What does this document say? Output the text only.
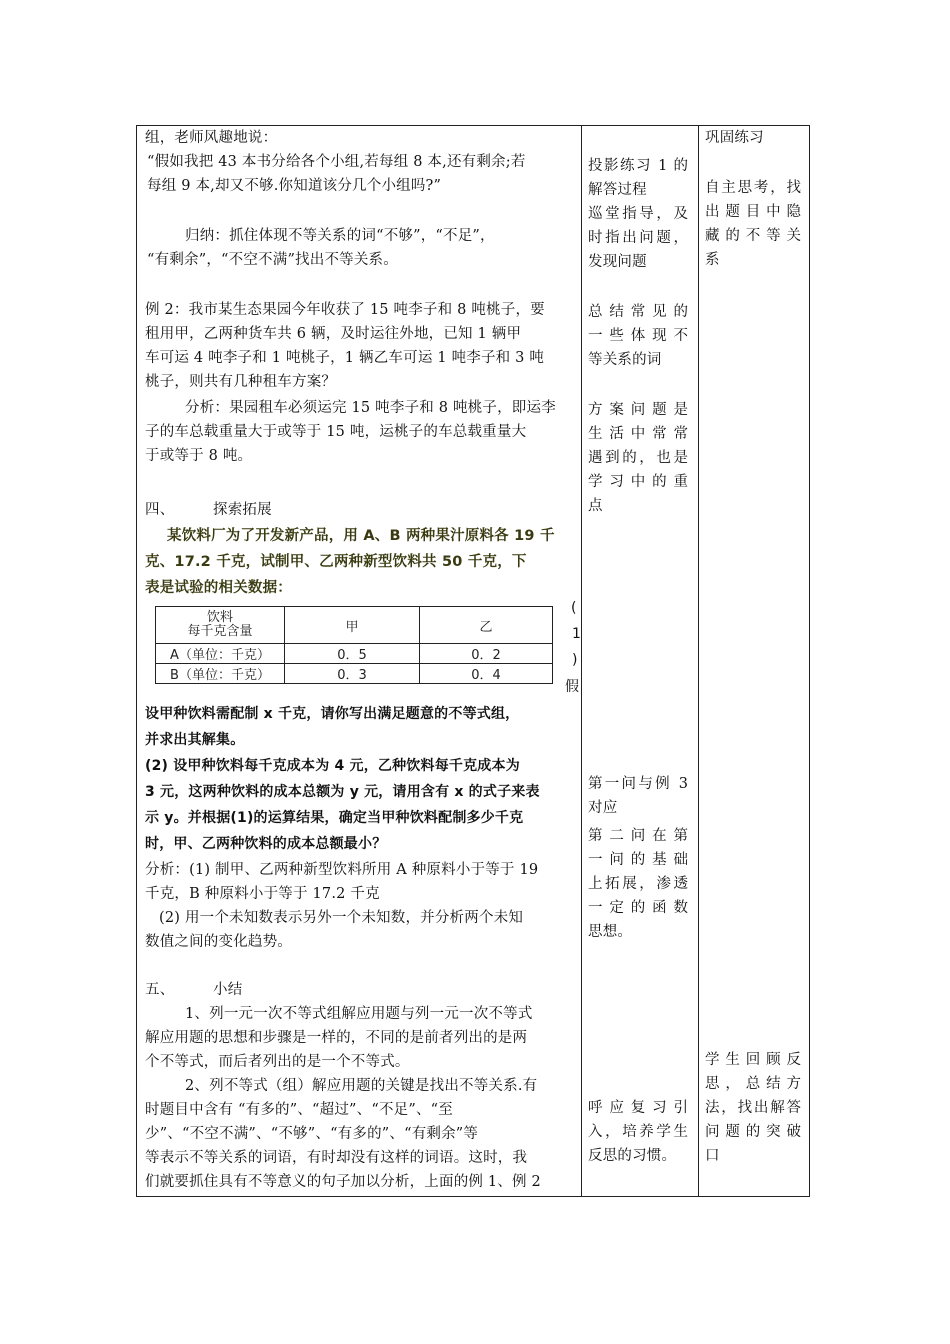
组，老师风趣地说：
“假如我把 43 本书分给各个小组,若每组 8 本,还有剩余;若
每组 9 本,却又不够.你知道该分几个小组吗?”
归纳：抓住体现不等关系的词“不够”，“不足”，
“有剩余”，“不空不满”找出不等关系。
例 2：我市某生态果园今年收获了 15 吨李子和 8 吨桃子，要
租用甲，乙两种货车共 6 辆，及时运往外地，已知 1 辆甲
车可运 4 吨李子和 1 吨桃子，1 辆乙车可运 1 吨李子和 3 吨
桃子，则共有几种租车方案？
分析：果园租车必须运完 15 吨李子和 8 吨桃子，即运李
子的车总载重量大于或等于 15 吨，运桃子的车总载重量大
于或等于 8 吨。
四、	探索拓展
某饮料厂为了开发新产品，用 A、B 两种果汁原料各 19 千
克、17.2 千克，试制甲、乙两种新型饮料共 50 千克，下
表是试验的相关数据：
饮料
每千克含量	甲	乙
A（单位：千克）	0．5	0．2
B（单位：千克）	0．3	0．4
(
1
)
假
设甲种饮料需配制 x 千克，请你写出满足题意的不等式组，
并求出其解集。
(2) 设甲种饮料每千克成本为 4 元，乙种饮料每千克成本为
3 元，这两种饮料的成本总额为 y 元，请用含有 x 的式子来表
示 y。并根据(1)的运算结果，确定当甲种饮料配制多少千克
时，甲、乙两种饮料的成本总额最小？
分析：(1) 制甲、乙两种新型饮料所用 A 种原料小于等于 19
千克，B 种原料小于等于 17.2 千克
(2) 用一个未知数表示另外一个未知数，并分析两个未知
数值之间的变化趋势。
五、	小结
1、列一元一次不等式组解应用题与列一元一次不等式
解应用题的思想和步骤是一样的，不同的是前者列出的是两
个不等式，而后者列出的是一个不等式。
2、列不等式（组）解应用题的关键是找出不等关系.有
时题目中含有 “有多的”、“超过”、“不足”、“至
少”、“不空不满”、“不够”、“有多的”、“有剩余”等
等表示不等关系的词语，有时却没有这样的词语。这时，我
们就要抓住具有不等意义的句子加以分析，上面的例 1、例 2
投影练习 1 的
解答过程
巡堂指导，及
时指出问题，
发现问题
总结常见的
一些体现不
等关系的词
方案问题是
生活中常常
遇到的，也是
学习中的重
点
第一问与例 3
对应
第二问在第
一问的基础
上拓展，渗透
一定的函数
思想。
呼应复习引
入，培养学生
反思的习惯。
巩固练习
自主思考，找
出题目中隐
藏的不等关
系
学生回顾反
思，总结方
法，找出解答
问题的突破
口
